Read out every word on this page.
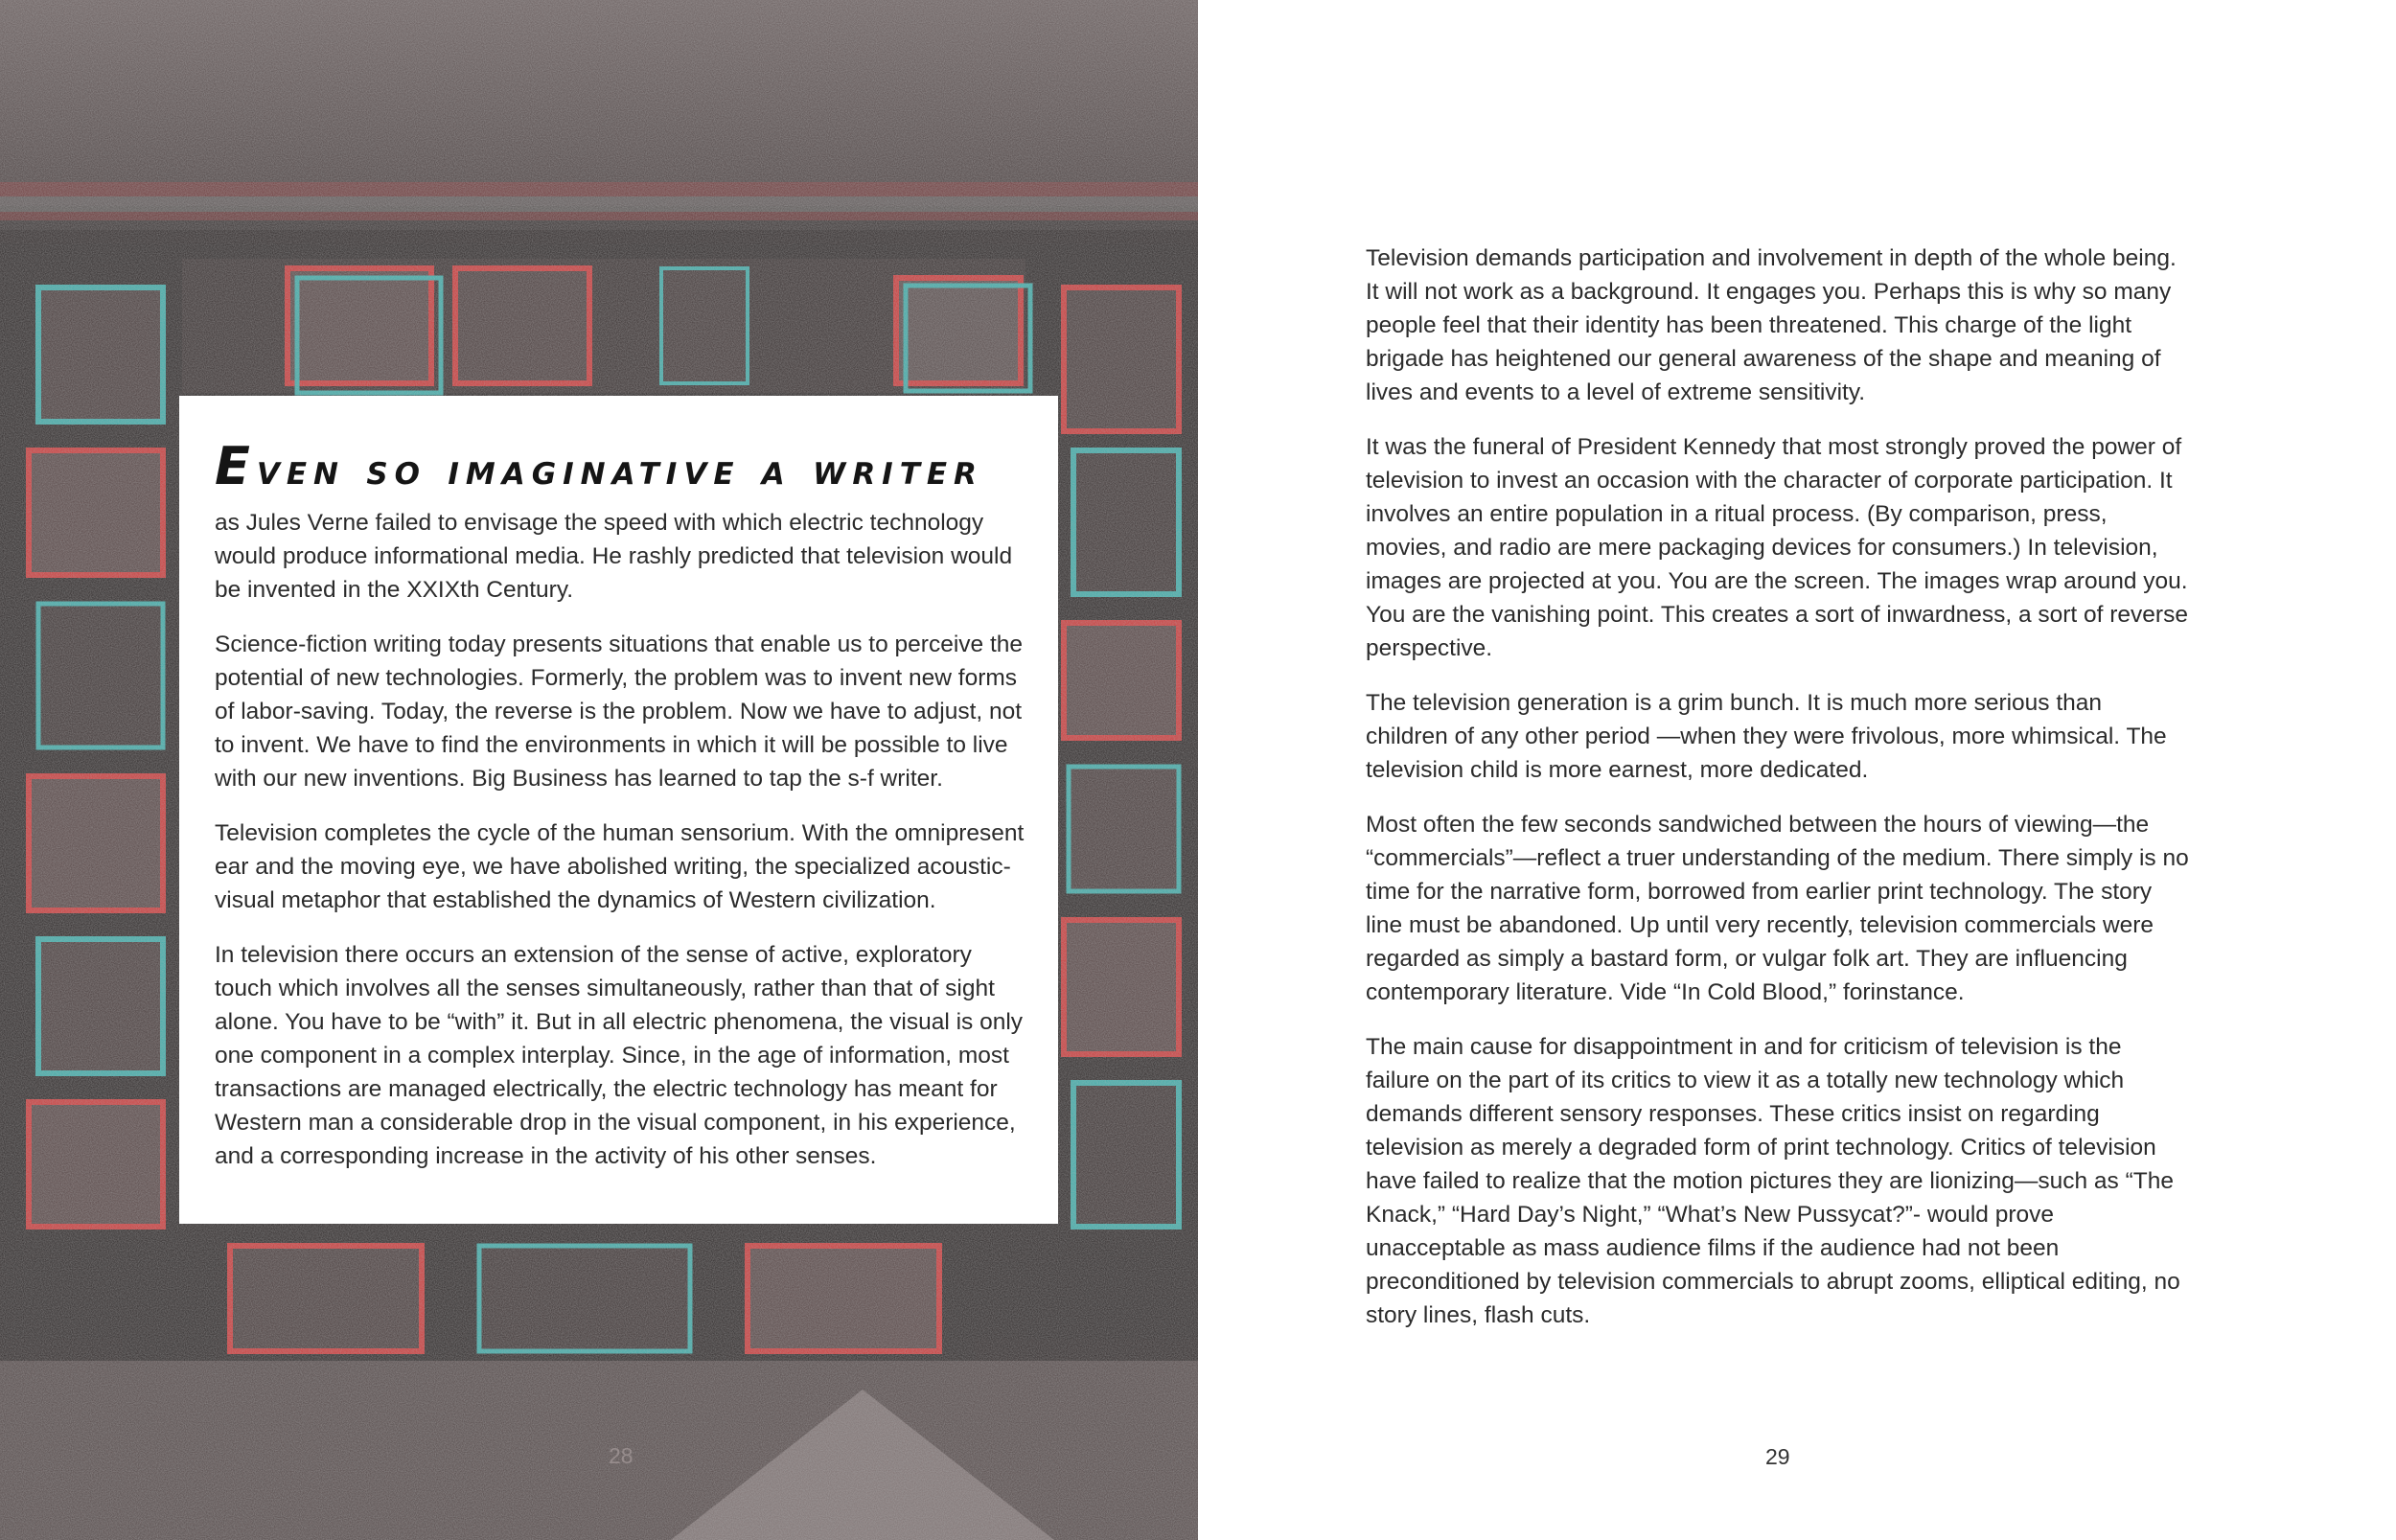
Even so imaginative a writer

as Jules Verne failed to envisage the speed with which electric technology would produce informational media. He rashly predicted that television would be invented in the XXIXth Century.

Science-fiction writing today presents situations that enable us to perceive the potential of new technologies. Formerly, the problem was to invent new forms of labor-saving. Today, the reverse is the problem. Now we have to adjust, not to invent. We have to find the environments in which it will be possible to live with our new inventions. Big Business has learned to tap the s-f writer.

Television completes the cycle of the human sensorium. With the omnipresent ear and the moving eye, we have abolished writing, the specialized acoustic-visual metaphor that established the dynamics of Western civilization.

In television there occurs an extension of the sense of active, exploratory touch which involves all the senses simultaneously, rather than that of sight alone. You have to be “with” it. But in all electric phenomena, the visual is only one component in a complex interplay. Since, in the age of information, most transactions are managed electrically, the electric technology has meant for Western man a considerable drop in the visual component, in his experience, and a corresponding increase in the activity of his other senses.

28

Television demands participation and involvement in depth of the whole being. It will not work as a background. It engages you. Perhaps this is why so many people feel that their identity has been threatened. This charge of the light brigade has heightened our general awareness of the shape and meaning of lives and events to a level of extreme sensitivity.

It was the funeral of President Kennedy that most strongly proved the power of television to invest an occasion with the character of corporate participation. It involves an entire population in a ritual process. (By comparison, press, movies, and radio are mere packaging devices for consumers.) In television, images are projected at you. You are the screen. The images wrap around you. You are the vanishing point. This creates a sort of inwardness, a sort of reverse perspective.

The television generation is a grim bunch. It is much more serious than children of any other period —when they were frivolous, more whimsical. The television child is more earnest, more dedicated.

Most often the few seconds sandwiched between the hours of viewing—the “commercials”—reflect a truer understanding of the medium. There simply is no time for the narrative form, borrowed from earlier print technology. The story line must be abandoned. Up until very recently, television commercials were regarded as simply a bastard form, or vulgar folk art. They are influencing contemporary literature. Vide “In Cold Blood,” forinstance.

The main cause for disappointment in and for criticism of television is the failure on the part of its critics to view it as a totally new technology which demands different sensory responses. These critics insist on regarding television as merely a degraded form of print technology. Critics of television have failed to realize that the motion pictures they are lionizing—such as “The Knack,” “Hard Day’s Night,” “What’s New Pussycat?”- would prove unacceptable as mass audience films if the audience had not been preconditioned by television commercials to abrupt zooms, elliptical editing, no story lines, flash cuts.

29
